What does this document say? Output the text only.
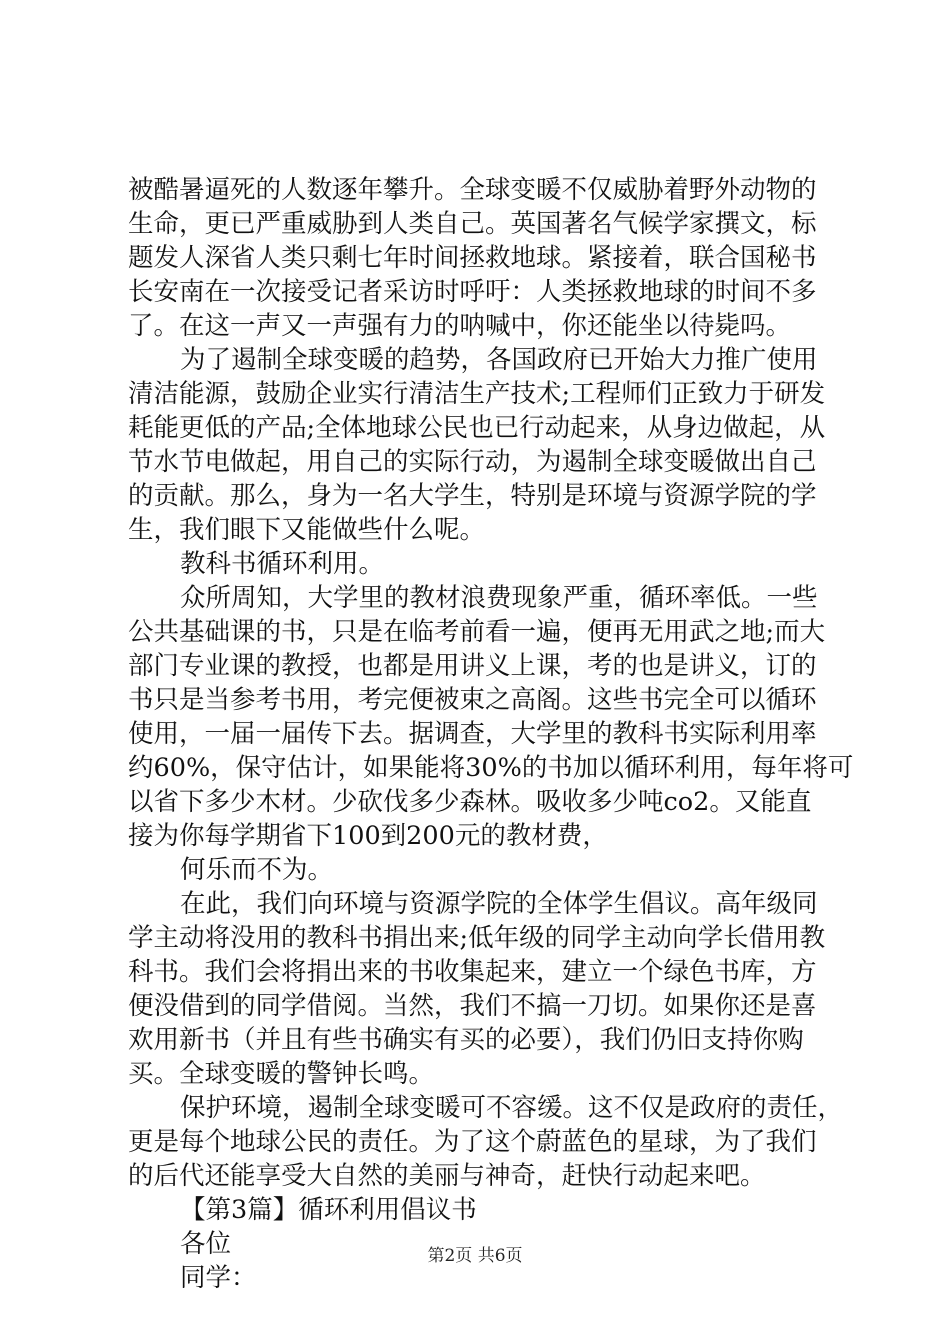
被酷暑逼死的人数逐年攀升。全球变暖不仅威胁着野外动物的
生命，更已严重威胁到人类自己。英国著名气候学家撰文，标
题发人深省人类只剩七年时间拯救地球。紧接着，联合国秘书
长安南在一次接受记者采访时呼吁：人类拯救地球的时间不多
了。在这一声又一声强有力的呐喊中，你还能坐以待毙吗。
为了遏制全球变暖的趋势，各国政府已开始大力推广使用
清洁能源，鼓励企业实行清洁生产技术;工程师们正致力于研发
耗能更低的产品;全体地球公民也已行动起来，从身边做起，从
节水节电做起，用自己的实际行动，为遏制全球变暖做出自己
的贡献。那么，身为一名大学生，特别是环境与资源学院的学
生，我们眼下又能做些什么呢。
教科书循环利用。
众所周知，大学里的教材浪费现象严重，循环率低。一些
公共基础课的书，只是在临考前看一遍，便再无用武之地;而大
部门专业课的教授，也都是用讲义上课，考的也是讲义，订的
书只是当参考书用，考完便被束之高阁。这些书完全可以循环
使用，一届一届传下去。据调查，大学里的教科书实际利用率
约60%，保守估计，如果能将30%的书加以循环利用，每年将可
以省下多少木材。少砍伐多少森林。吸收多少吨co2。又能直
接为你每学期省下100到200元的教材费，
何乐而不为。
在此，我们向环境与资源学院的全体学生倡议。高年级同
学主动将没用的教科书捐出来;低年级的同学主动向学长借用教
科书。我们会将捐出来的书收集起来，建立一个绿色书库，方
便没借到的同学借阅。当然，我们不搞一刀切。如果你还是喜
欢用新书（并且有些书确实有买的必要），我们仍旧支持你购
买。全球变暖的警钟长鸣。
保护环境，遏制全球变暖可不容缓。这不仅是政府的责任，
更是每个地球公民的责任。为了这个蔚蓝色的星球，为了我们
的后代还能享受大自然的美丽与神奇，赶快行动起来吧。
【第3篇】循环利用倡议书
各位
同学：
第2页 共6页
